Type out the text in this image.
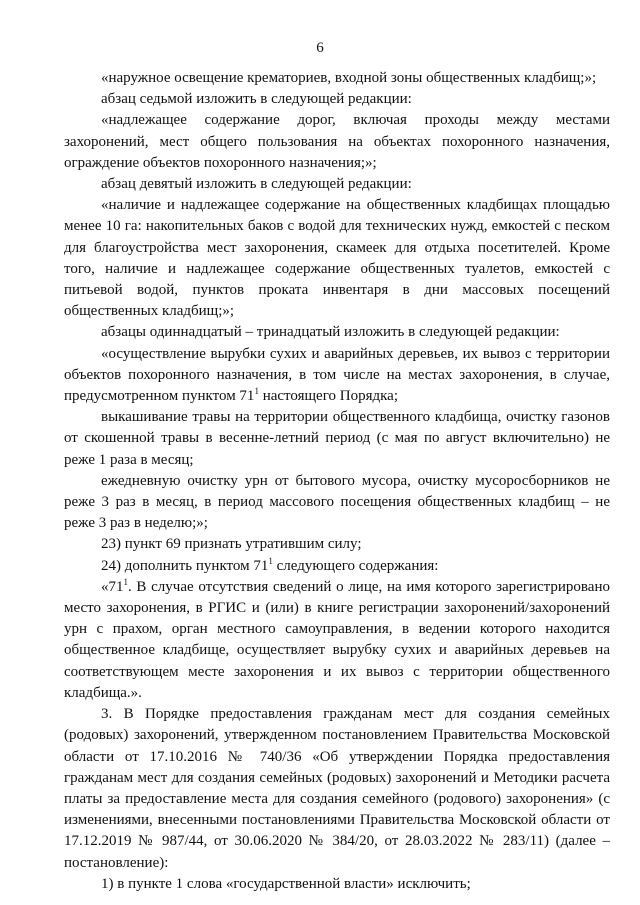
6

«наружное освещение крематориев, входной зоны общественных кладбищ;»;

абзац седьмой изложить в следующей редакции:

«надлежащее содержание дорог, включая проходы между местами захоронений, мест общего пользования на объектах похоронного назначения, ограждение объектов похоронного назначения;»;

абзац девятый изложить в следующей редакции:

«наличие и надлежащее содержание на общественных кладбищах площадью менее 10 га: накопительных баков с водой для технических нужд, емкостей с песком для благоустройства мест захоронения, скамеек для отдыха посетителей. Кроме того, наличие и надлежащее содержание общественных туалетов, емкостей с питьевой водой, пунктов проката инвентаря в дни массовых посещений общественных кладбищ;»;

абзацы одиннадцатый – тринадцатый изложить в следующей редакции:

«осуществление вырубки сухих и аварийных деревьев, их вывоз с территории объектов похоронного назначения, в том числе на местах захоронения, в случае, предусмотренном пунктом $71^1$ настоящего Порядка;

выкашивание травы на территории общественного кладбища, очистку газонов от скошенной травы в весенне-летний период (с мая по август включительно) не реже 1 раза в месяц;

ежедневную очистку урн от бытового мусора, очистку мусоросборников не реже 3 раз в месяц, в период массового посещения общественных кладбищ – не реже 3 раз в неделю;»;

23) пункт 69 признать утратившим силу;

24) дополнить пунктом $71^1$ следующего содержания:

«$71^1$. В случае отсутствия сведений о лице, на имя которого зарегистрировано место захоронения, в РГИС и (или) в книге регистрации захоронений/захоронений урн с прахом, орган местного самоуправления, в ведении которого находится общественное кладбище, осуществляет вырубку сухих и аварийных деревьев на соответствующем месте захоронения и их вывоз с территории общественного кладбища.».

3. В Порядке предоставления гражданам мест для создания семейных (родовых) захоронений, утвержденном постановлением Правительства Московской области от 17.10.2016 № 740/36 «Об утверждении Порядка предоставления гражданам мест для создания семейных (родовых) захоронений и Методики расчета платы за предоставление места для создания семейного (родового) захоронения» (с изменениями, внесенными постановлениями Правительства Московской области от 17.12.2019 № 987/44, от 30.06.2020 № 384/20, от 28.03.2022 № 283/11) (далее – постановление):

1) в пункте 1 слова «государственной власти» исключить;
